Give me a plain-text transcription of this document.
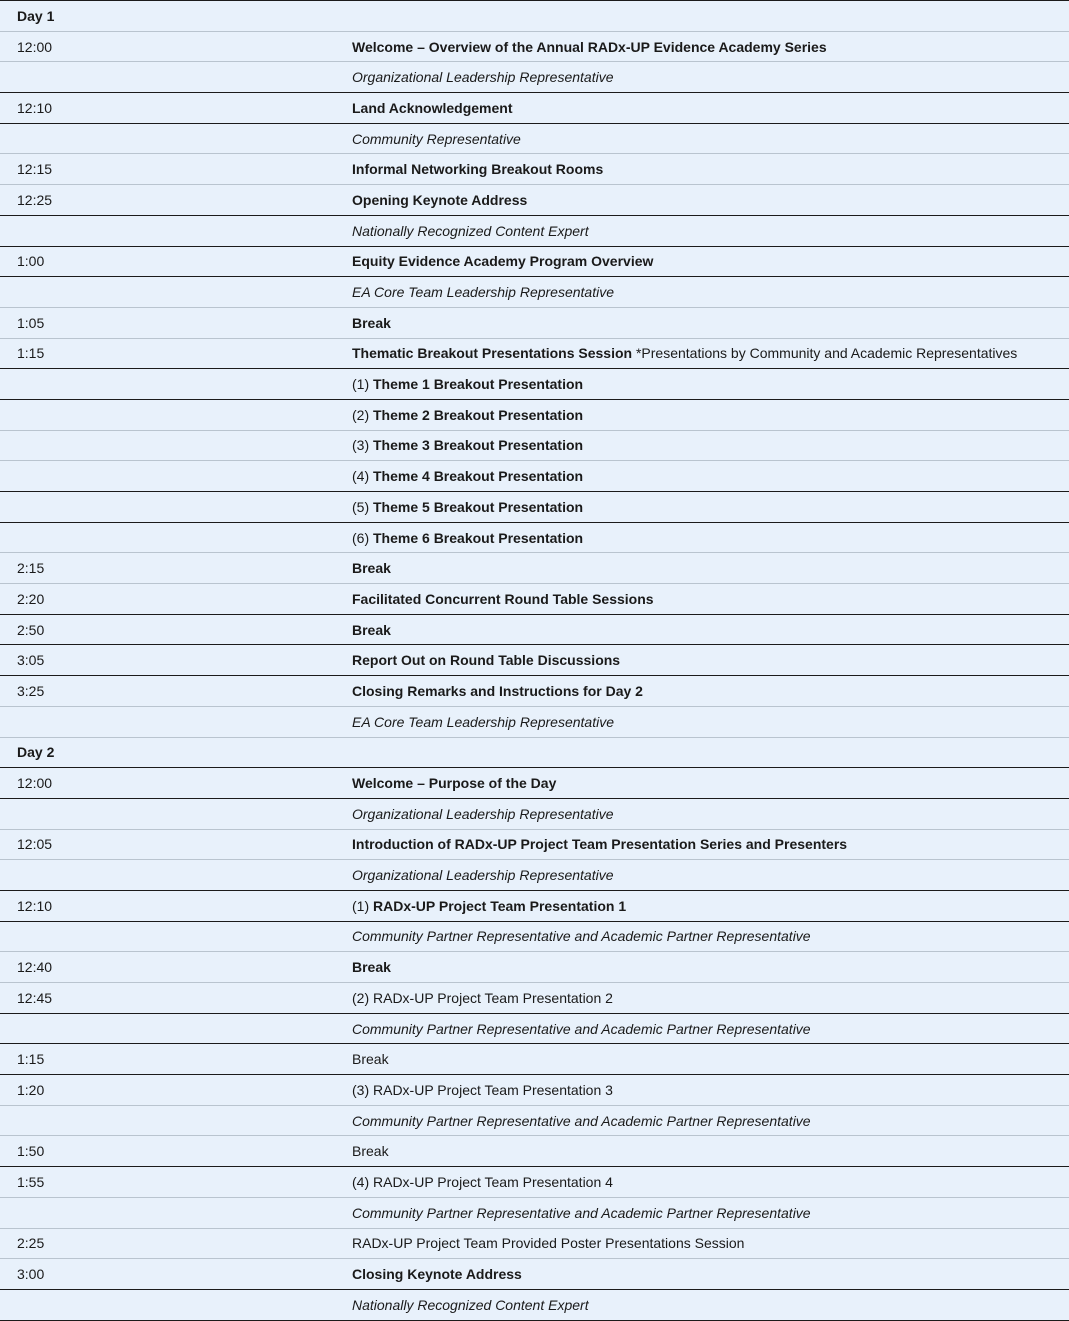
Day 1	
12:00	Welcome – Overview of the Annual RADx-UP Evidence Academy Series
	Organizational Leadership Representative
12:10	Land Acknowledgement
	Community Representative
12:15	Informal Networking Breakout Rooms
12:25	Opening Keynote Address
	Nationally Recognized Content Expert
1:00	Equity Evidence Academy Program Overview
	EA Core Team Leadership Representative
1:05	Break
1:15	Thematic Breakout Presentations Session *Presentations by Community and Academic Representatives
	(1) Theme 1 Breakout Presentation
	(2) Theme 2 Breakout Presentation
	(3) Theme 3 Breakout Presentation
	(4) Theme 4 Breakout Presentation
	(5) Theme 5 Breakout Presentation
	(6) Theme 6 Breakout Presentation
2:15	Break
2:20	Facilitated Concurrent Round Table Sessions
2:50	Break
3:05	Report Out on Round Table Discussions
3:25	Closing Remarks and Instructions for Day 2
	EA Core Team Leadership Representative
Day 2	
12:00	Welcome – Purpose of the Day
	Organizational Leadership Representative
12:05	Introduction of RADx-UP Project Team Presentation Series and Presenters
	Organizational Leadership Representative
12:10	(1) RADx-UP Project Team Presentation 1
	Community Partner Representative and Academic Partner Representative
12:40	Break
12:45	(2) RADx-UP Project Team Presentation 2
	Community Partner Representative and Academic Partner Representative
1:15	Break
1:20	(3) RADx-UP Project Team Presentation 3
	Community Partner Representative and Academic Partner Representative
1:50	Break
1:55	(4) RADx-UP Project Team Presentation 4
	Community Partner Representative and Academic Partner Representative
2:25	RADx-UP Project Team Provided Poster Presentations Session
3:00	Closing Keynote Address
	Nationally Recognized Content Expert
